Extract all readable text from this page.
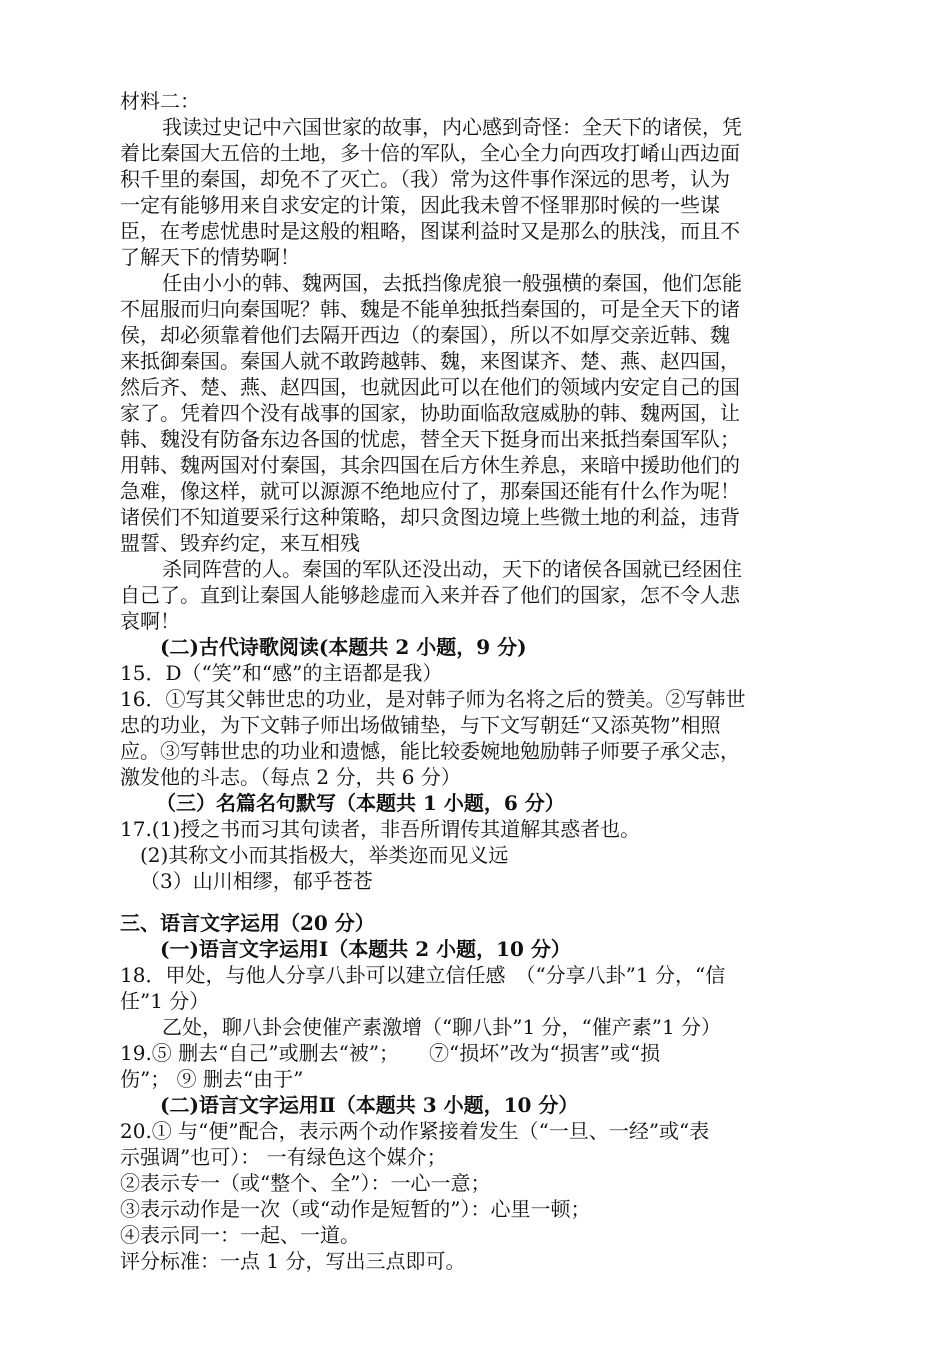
材料二：
我读过史记中六国世家的故事，内心感到奇怪：全天下的诸侯，凭
着比秦国大五倍的土地，多十倍的军队，全心全力向西攻打崤山西边面
积千里的秦国，却免不了灭亡。（我）常为这件事作深远的思考，认为
一定有能够用来自求安定的计策，因此我未曾不怪罪那时候的一些谋
臣，在考虑忧患时是这般的粗略，图谋利益时又是那么的肤浅，而且不
了解天下的情势啊！
任由小小的韩、魏两国，去抵挡像虎狼一般强横的秦国，他们怎能
不屈服而归向秦国呢？韩、魏是不能单独抵挡秦国的，可是全天下的诸
侯，却必须靠着他们去隔开西边（的秦国），所以不如厚交亲近韩、魏
来抵御秦国。秦国人就不敢跨越韩、魏，来图谋齐、楚、燕、赵四国，
然后齐、楚、燕、赵四国，也就因此可以在他们的领域内安定自己的国
家了。凭着四个没有战事的国家，协助面临敌寇威胁的韩、魏两国，让
韩、魏没有防备东边各国的忧虑，替全天下挺身而出来抵挡秦国军队；
用韩、魏两国对付秦国，其余四国在后方休生养息，来暗中援助他们的
急难，像这样，就可以源源不绝地应付了，那秦国还能有什么作为呢！
诸侯们不知道要采行这种策略，却只贪图边境上些微土地的利益，违背
盟誓、毁弃约定，来互相残
杀同阵营的人。秦国的军队还没出动，天下的诸侯各国就已经困住
自己了。直到让秦国人能够趁虚而入来并吞了他们的国家，怎不令人悲
哀啊！
(二)古代诗歌阅读(本题共 2 小题，9 分)
15．D（“笑”和“感”的主语都是我）
16．①写其父韩世忠的功业，是对韩子师为名将之后的赞美。②写韩世
忠的功业，为下文韩子师出场做铺垫，与下文写朝廷“又添英物”相照
应。③写韩世忠的功业和遗憾，能比较委婉地勉励韩子师要子承父志，
激发他的斗志。（每点 2 分，共 6 分）
（三）名篇名句默写（本题共 1 小题，6 分）
17.(1)授之书而习其句读者，非吾所谓传其道解其惑者也。
(2)其称文小而其指极大，举类迩而见义远
（3）山川相缪，郁乎苍苍
三、语言文字运用（20 分）
(一)语言文字运用Ⅰ（本题共 2 小题，10 分）
18．甲处，与他人分享八卦可以建立信任感　（“分享八卦”1 分，“信
任”1 分）
乙处，聊八卦会使催产素激增（“聊八卦”1 分，“催产素”1 分）
19.⑤ 删去“自己”或删去“被”；　　⑦“损坏”改为“损害”或“损
伤”； ⑨ 删去“由于”
(二)语言文字运用Ⅱ（本题共 3 小题，10 分）
20.① 与“便”配合，表示两个动作紧接着发生（“一旦、一经”或“表
示强调”也可）： 一有绿色这个媒介；
②表示专一（或“整个、全”）：一心一意；
③表示动作是一次（或“动作是短暂的”）：心里一顿；
④表示同一：一起、一道。
评分标准：一点 1 分，写出三点即可。
